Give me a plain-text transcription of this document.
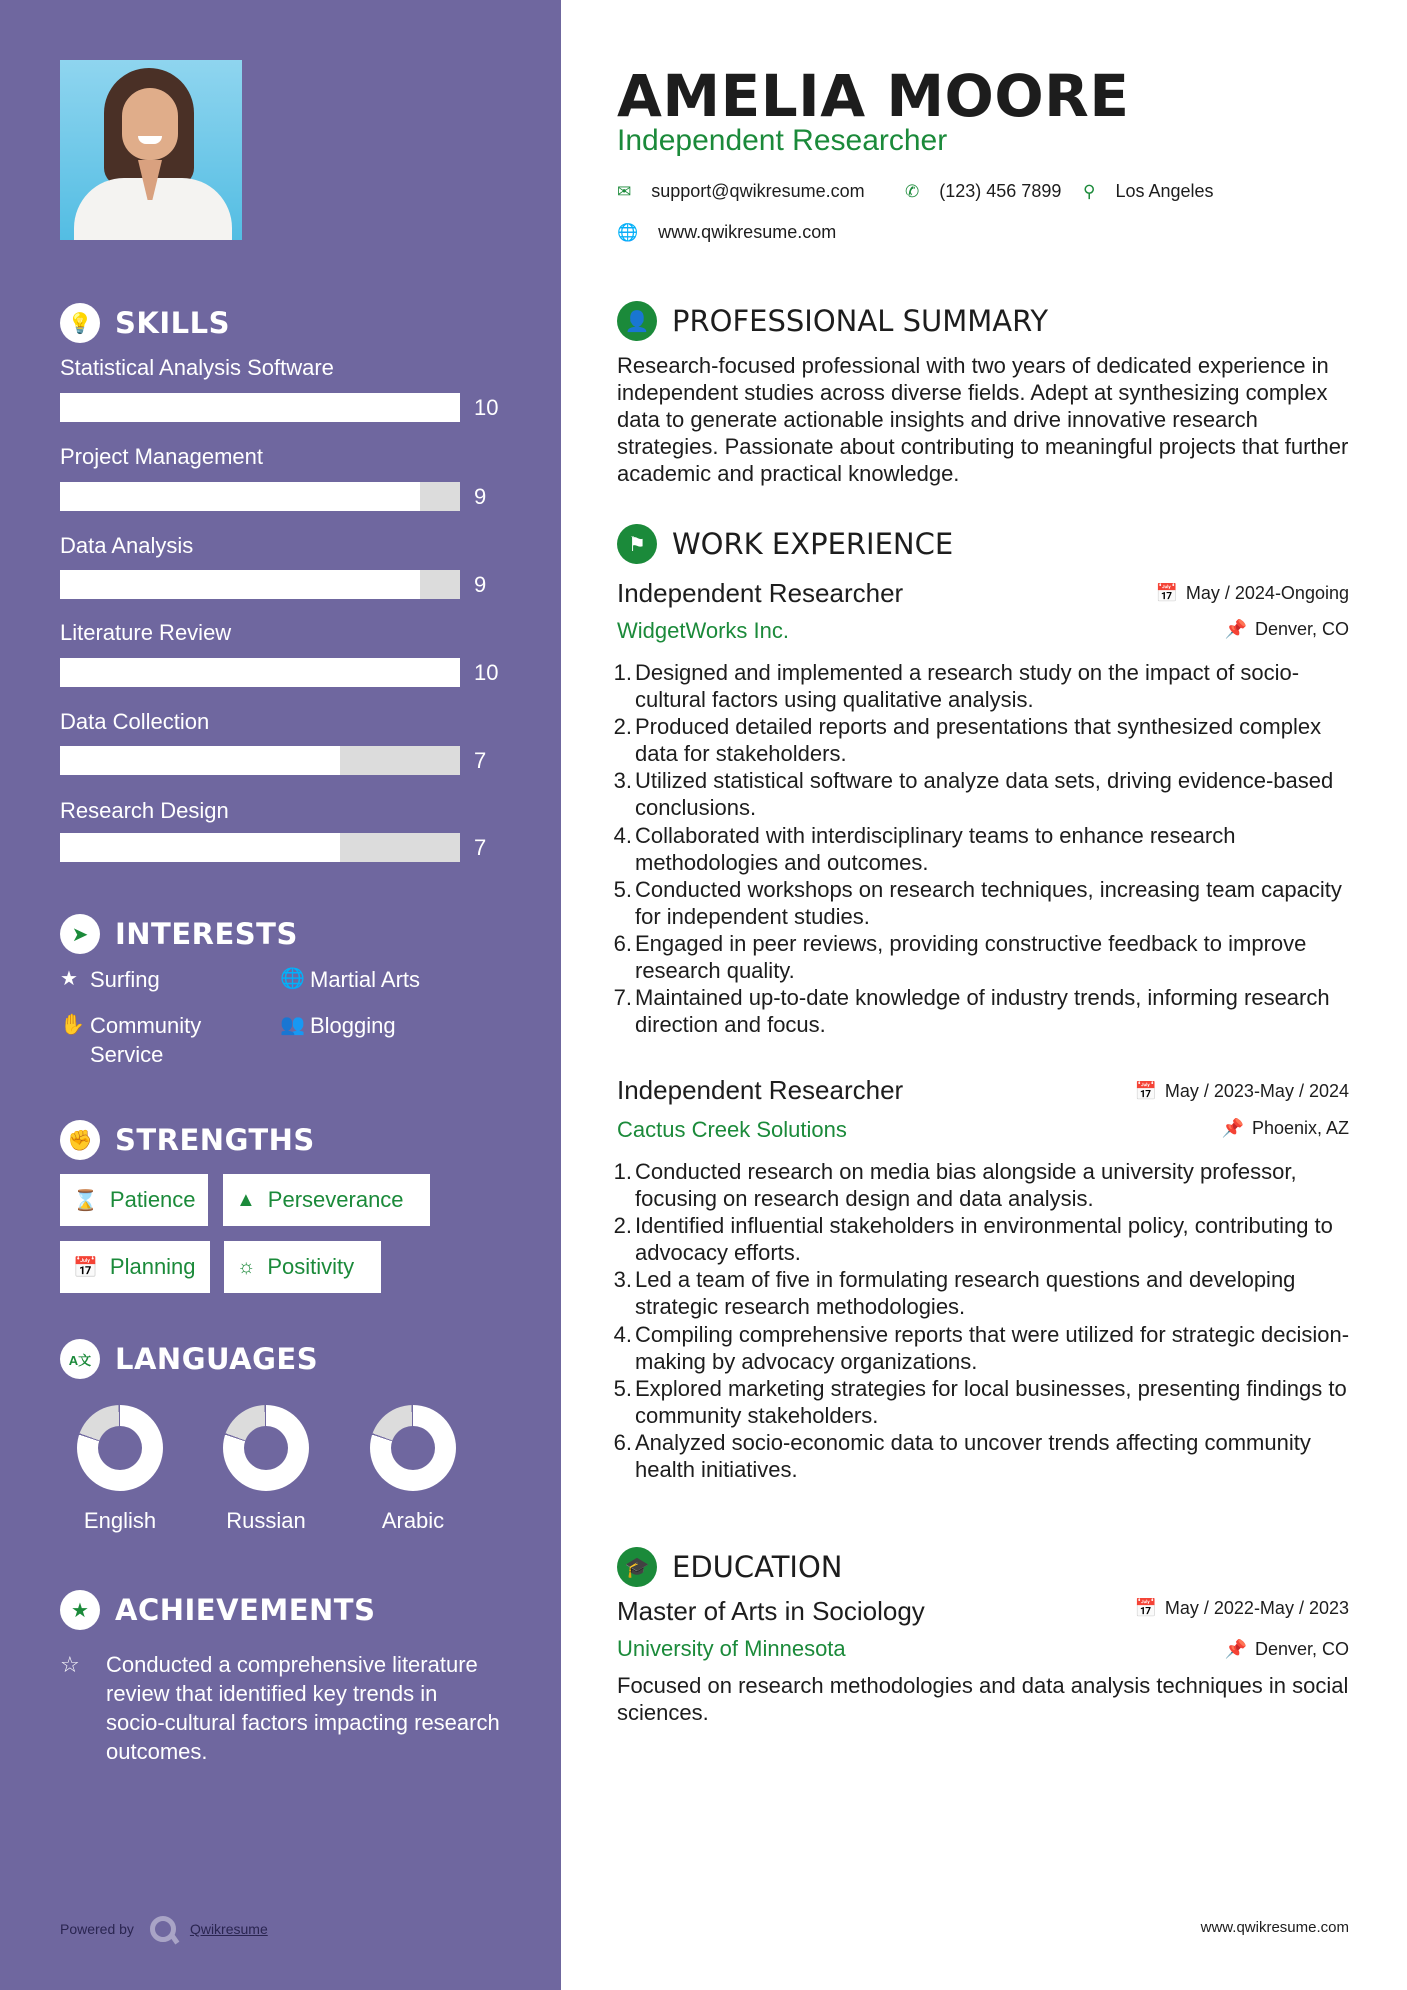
💡 SKILLS
Statistical Analysis Software
10
Project Management
9
Data Analysis
9
Literature Review
10
Data Collection
7
Research Design
7
➤ INTERESTS
★ Surfing	🌐 Martial Arts
✋ Community Service
👥 Blogging
✊ STRENGTHS
⌛ Patience ▲ Perseverance
📅 Planning ☼ Positivity
A文 LANGUAGES
English	Russian	Arabic
★ ACHIEVEMENTS
☆	Conducted a comprehensive literature review that identified key trends in socio-cultural factors impacting research outcomes.
Powered by	Qwikresume
AMELIA MOORE
Independent Researcher
✉ support@qwikresume.com ✆ (123) 456 7899 ⚲ Los Angeles
🌐 www.qwikresume.com
👤 PROFESSIONAL SUMMARY
Research-focused professional with two years of dedicated experience in independent studies across diverse fields. Adept at synthesizing complex data to generate actionable insights and drive innovative research strategies. Passionate about contributing to meaningful projects that further academic and practical knowledge.
⚑ WORK EXPERIENCE
Independent Researcher	📅 May / 2024-Ongoing
WidgetWorks Inc.	📌 Denver, CO
1. Designed and implemented a research study on the impact of socio-cultural factors using qualitative analysis.
2. Produced detailed reports and presentations that synthesized complex data for stakeholders.
3. Utilized statistical software to analyze data sets, driving evidence-based conclusions.
4. Collaborated with interdisciplinary teams to enhance research methodologies and outcomes.
5. Conducted workshops on research techniques, increasing team capacity for independent studies.
6. Engaged in peer reviews, providing constructive feedback to improve research quality.
7. Maintained up-to-date knowledge of industry trends, informing research direction and focus.
Independent Researcher	📅 May / 2023-May / 2024
Cactus Creek Solutions	📌 Phoenix, AZ
1. Conducted research on media bias alongside a university professor, focusing on research design and data analysis.
2. Identified influential stakeholders in environmental policy, contributing to advocacy efforts.
3. Led a team of five in formulating research questions and developing strategic research methodologies.
4. Compiling comprehensive reports that were utilized for strategic decision-making by advocacy organizations.
5. Explored marketing strategies for local businesses, presenting findings to community stakeholders.
6. Analyzed socio-economic data to uncover trends affecting community health initiatives.
🎓 EDUCATION
Master of Arts in Sociology	📅 May / 2022-May / 2023
University of Minnesota	📌 Denver, CO
Focused on research methodologies and data analysis techniques in social sciences.
www.qwikresume.com
